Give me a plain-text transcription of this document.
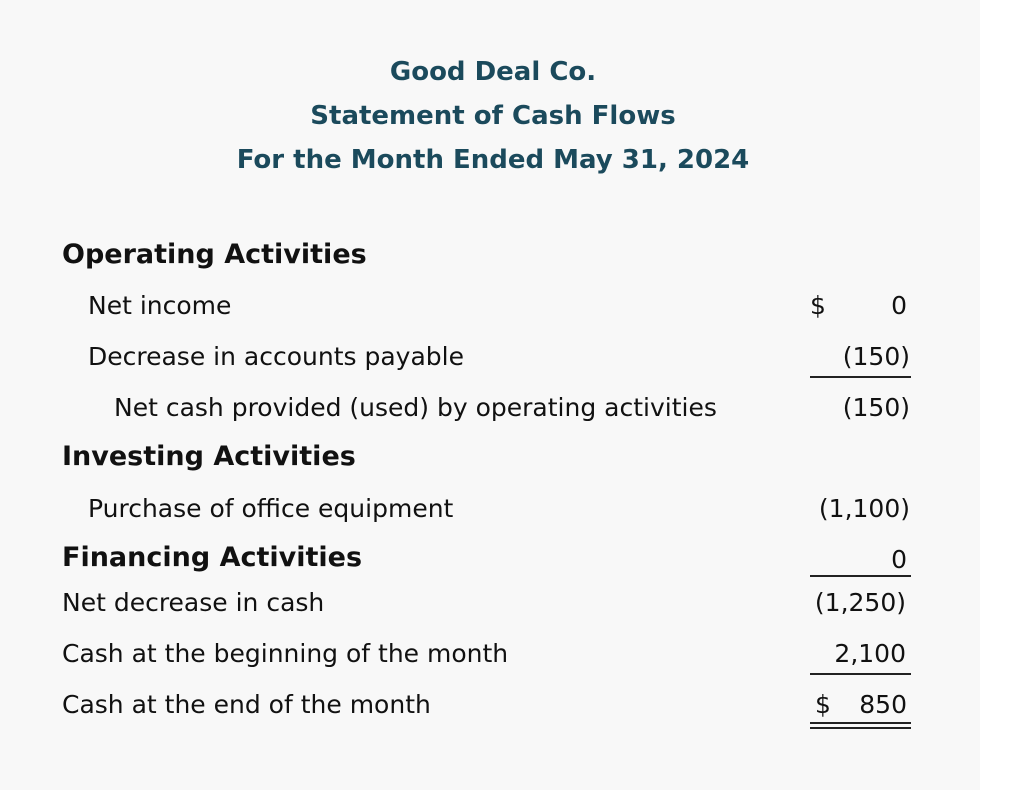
Good Deal Co.
Statement of Cash Flows
For the Month Ended May 31, 2024
Operating Activities
Net income	$	0
Decrease in accounts payable	(150)
Net cash provided (used) by operating activities	(150)
Investing Activities
Purchase of office equipment	(1,100)
Financing Activities	0
Net decrease in cash	(1,250)
Cash at the beginning of the month	2,100
Cash at the end of the month	$ 850
